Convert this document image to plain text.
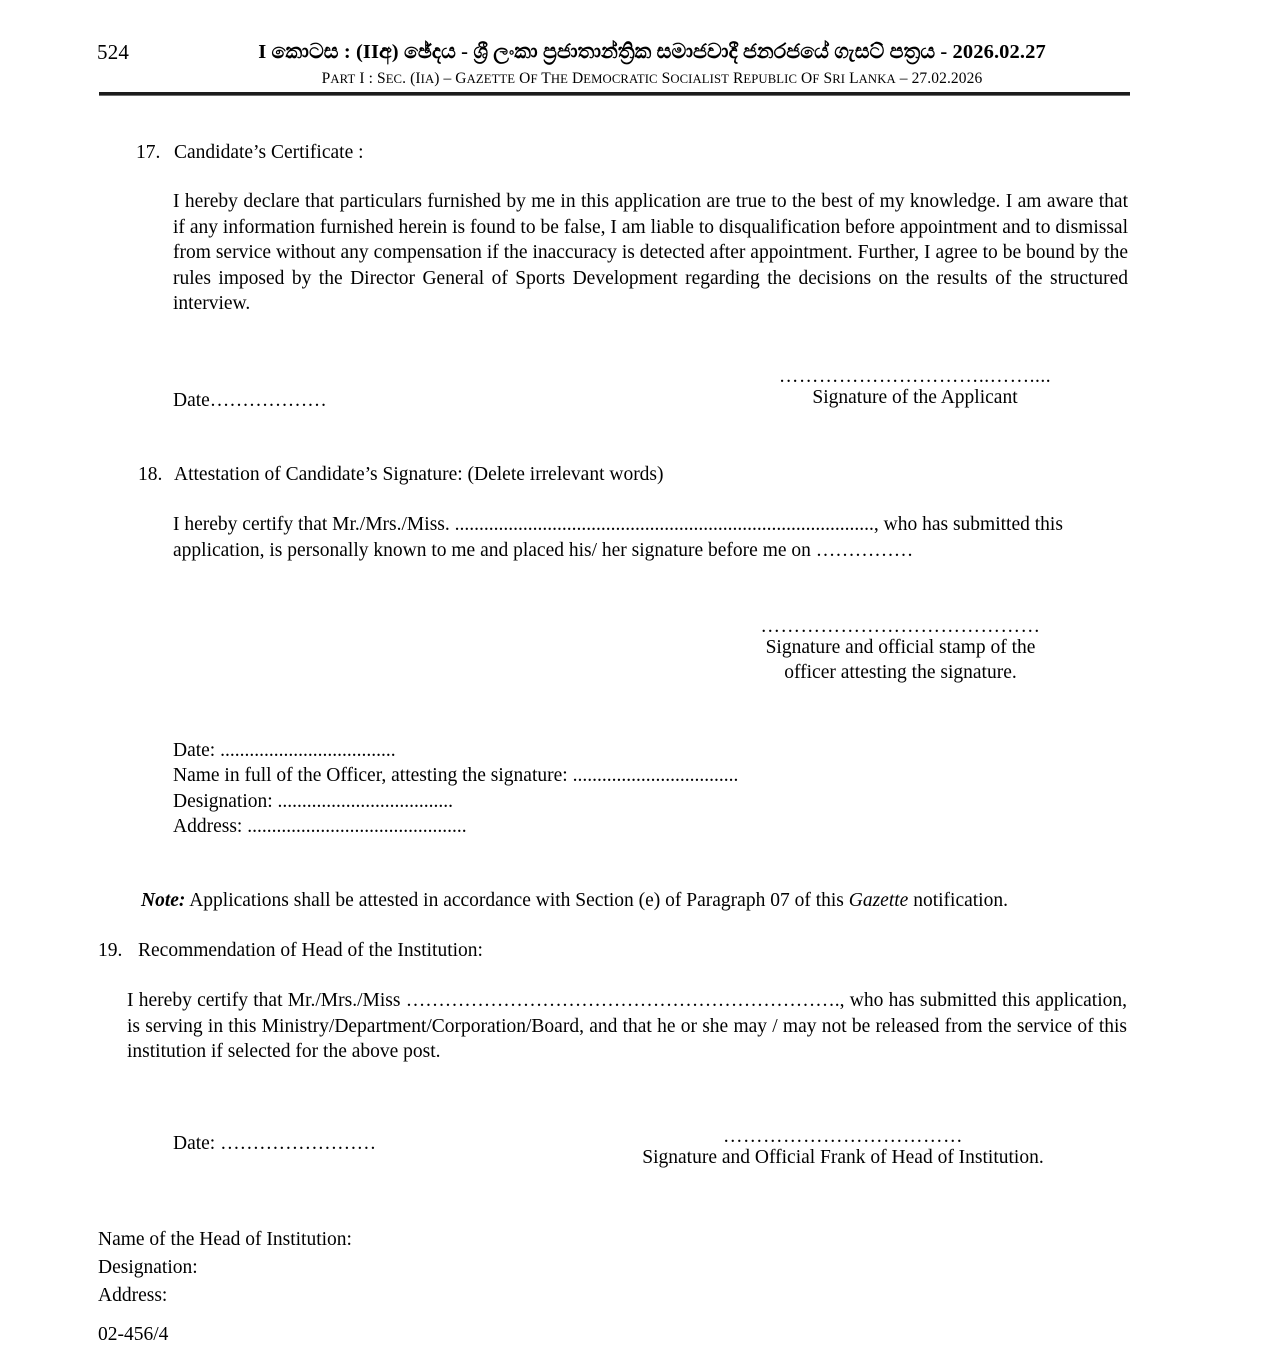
524	I කොටස : (IIඅ) ඡේදය - ශ්‍රී ලංකා ප්‍රජාතාන්ත්‍රික සමාජවාදී ජනරජයේ ගැසට් පත්‍රය - 2026.02.27
PART I : SEC. (IIA) – GAZETTE OF THE DEMOCRATIC SOCIALIST REPUBLIC OF SRI LANKA – 27.02.2026
17. Candidate’s Certificate :
I hereby declare that particulars furnished by me in this application are true to the best of my knowledge. I am aware that if any information furnished herein is found to be false, I am liable to disqualification before appointment and to dismissal from service without any compensation if the inaccuracy is detected after appointment. Further, I agree to be bound by the rules imposed by the Director General of Sports Development regarding the decisions on the results of the structured interview.
Date………………
…………………………..……....
Signature of the Applicant
18. Attestation of Candidate’s Signature: (Delete irrelevant words)
I hereby certify that Mr./Mrs./Miss. ......................................................................................, who has submitted this application, is personally known to me and placed his/ her signature before me on ……………
……………………………………
Signature and official stamp of the
officer attesting the signature.
Date: ....................................
Name in full of the Officer, attesting the signature: ..................................
Designation: ....................................
Address: .............................................
Note: Applications shall be attested in accordance with Section (e) of Paragraph 07 of this Gazette notification.
19. Recommendation of Head of the Institution:
I hereby certify that Mr./Mrs./Miss …………………………………………………………., who has submitted this application, is serving in this Ministry/Department/Corporation/Board, and that he or she may / may not be released from the service of this institution if selected for the above post.
Date: ……………………	………………………………
Signature and Official Frank of Head of Institution.
Name of the Head of Institution:
Designation:
Address:
02-456/4
